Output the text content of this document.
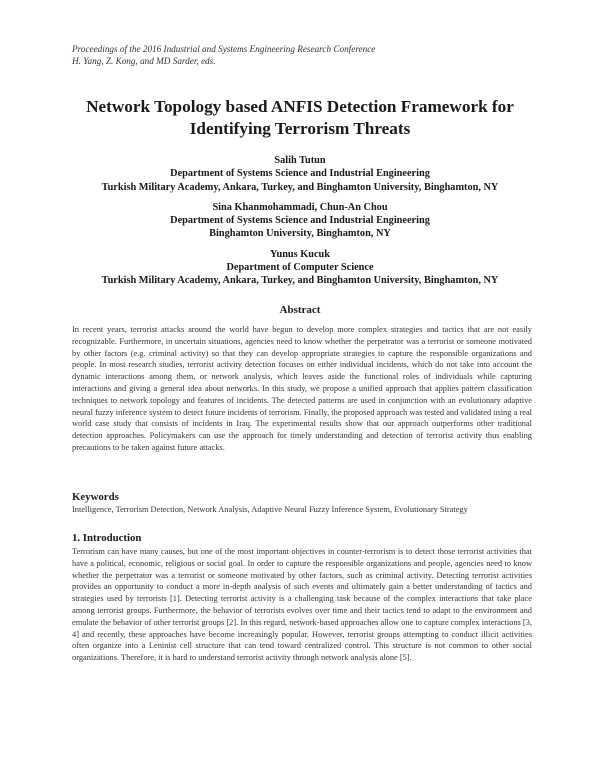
Proceedings of the 2016 Industrial and Systems Engineering Research Conference
H. Yang, Z. Kong, and MD Sarder, eds.
Network Topology based ANFIS Detection Framework for
Identifying Terrorism Threats
Salih Tutun
Department of Systems Science and Industrial Engineering
Turkish Military Academy, Ankara, Turkey, and Binghamton University, Binghamton, NY
Sina Khanmohammadi, Chun-An Chou
Department of Systems Science and Industrial Engineering
Binghamton University, Binghamton, NY
Yunus Kucuk
Department of Computer Science
Turkish Military Academy, Ankara, Turkey, and Binghamton University, Binghamton, NY
Abstract
In recent years, terrorist attacks around the world have begun to develop more complex strategies and tactics that are not easily recognizable. Furthermore, in uncertain situations, agencies need to know whether the perpetrator was a terrorist or someone motivated by other factors (e.g. criminal activity) so that they can develop appropriate strategies to capture the responsible organizations and people. In most research studies, terrorist activity detection focuses on either individual incidents, which do not take into account the dynamic interactions among them, or network analysis, which leaves aside the functional roles of individuals while capturing interactions and giving a general idea about networks. In this study, we propose a unified approach that applies pattern classification techniques to network topology and features of incidents. The detected patterns are used in conjunction with an evolutionary adaptive neural fuzzy inference system to detect future incidents of terrorism. Finally, the proposed approach was tested and validated using a real world case study that consists of incidents in Iraq. The experimental results show that our approach outperforms other traditional detection approaches. Policymakers can use the approach for timely understanding and detection of terrorist activity thus enabling precautions to be taken against future attacks.
Keywords
Intelligence, Terrorism Detection, Network Analysis, Adaptive Neural Fuzzy Inference System, Evolutionary Strategy
1. Introduction
Terrorism can have many causes, but one of the most important objectives in counter-terrorism is to detect those terrorist activities that have a political, economic, religious or social goal. In order to capture the responsible organizations and people, agencies need to know whether the perpetrator was a terrorist or someone motivated by other factors, such as criminal activity. Detecting terrorist activities provides an opportunity to conduct a more in-depth analysis of such events and ultimately gain a better understanding of tactics and strategies used by terrorists [1]. Detecting terrorist activity is a challenging task because of the complex interactions that take place among terrorist groups. Furthermore, the behavior of terrorists evolves over time and their tactics tend to adapt to the environment and emulate the behavior of other terrorist groups [2]. In this regard, network-based approaches allow one to capture complex interactions [3, 4] and recently, these approaches have become increasingly popular. However, terrorist groups attempting to conduct illicit activities often organize into a Leninist cell structure that can tend toward centralized control. This structure is not common to other social organizations. Therefore, it is hard to understand terrorist activity through network analysis alone [5].
